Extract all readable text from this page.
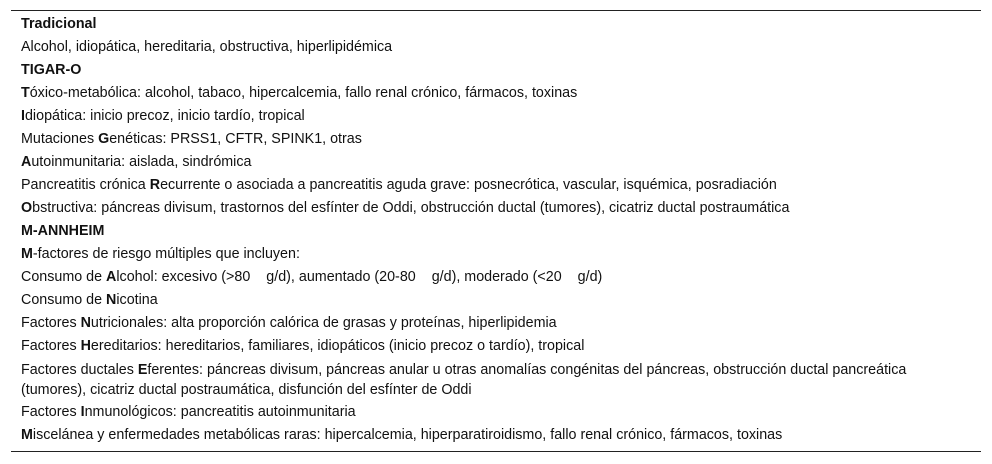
Tradicional
Alcohol, idiopática, hereditaria, obstructiva, hiperlipidémica
TIGAR-O
Tóxico-metabólica: alcohol, tabaco, hipercalcemia, fallo renal crónico, fármacos, toxinas
Idiopática: inicio precoz, inicio tardío, tropical
Mutaciones Genéticas: PRSS1, CFTR, SPINK1, otras
Autoinmunitaria: aislada, sindrómica
Pancreatitis crónica Recurrente o asociada a pancreatitis aguda grave: posnecrótica, vascular, isquémica, posradiación
Obstructiva: páncreas divisum, trastornos del esfínter de Oddi, obstrucción ductal (tumores), cicatriz ductal postraumática
M-ANNHEIM
M-factores de riesgo múltiples que incluyen:
Consumo de Alcohol: excesivo (>80 g/d), aumentado (20-80 g/d), moderado (<20 g/d)
Consumo de Nicotina
Factores Nutricionales: alta proporción calórica de grasas y proteínas, hiperlipidemia
Factores Hereditarios: hereditarios, familiares, idiopáticos (inicio precoz o tardío), tropical
Factores ductales Eferentes: páncreas divisum, páncreas anular u otras anomalías congénitas del páncreas, obstrucción ductal pancreática (tumores), cicatriz ductal postraumática, disfunción del esfínter de Oddi
Factores Inmunológicos: pancreatitis autoinmunitaria
Miscelánea y enfermedades metabólicas raras: hipercalcemia, hiperparatiroidismo, fallo renal crónico, fármacos, toxinas
